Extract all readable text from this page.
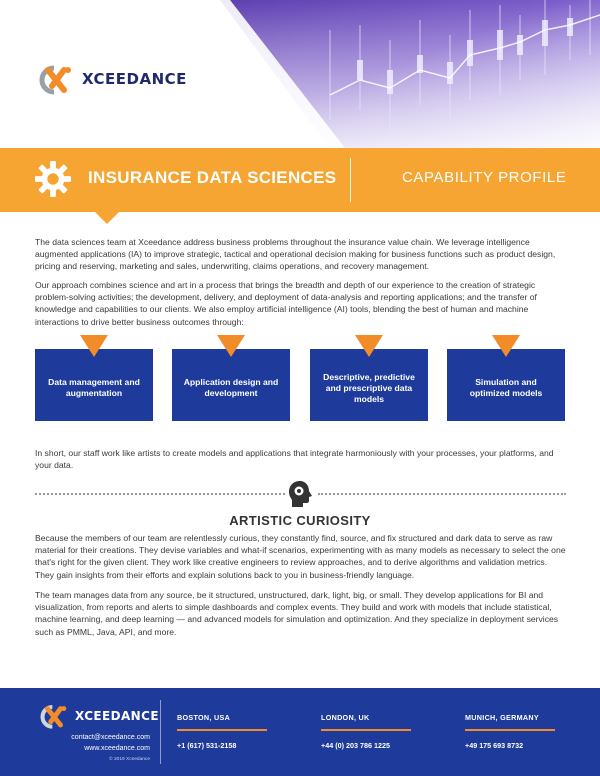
XCEEDANCE
INSURANCE DATA SCIENCES	CAPABILITY PROFILE

The data sciences team at Xceedance address business problems throughout the insurance value chain. We leverage intelligence augmented applications (IA) to improve strategic, tactical and operational decision making for business functions such as product design, pricing and reserving, marketing and sales, underwriting, claims operations, and recovery management.

Our approach combines science and art in a process that brings the breadth and depth of our experience to the creation of strategic problem-solving activities; the development, delivery, and deployment of data-analysis and reporting applications; and the transfer of knowledge and capabilities to our clients. We also employ artificial intelligence (AI) tools, blending the best of human and machine interactions to drive better business outcomes through:

Data management and augmentation
Application design and development
Descriptive, predictive and prescriptive data models
Simulation and optimized models

In short, our staff work like artists to create models and applications that integrate harmoniously with your processes, your platforms, and your data.

ARTISTIC CURIOSITY

Because the members of our team are relentlessly curious, they constantly find, source, and fix structured and dark data to serve as raw material for their creations. They devise variables and what-if scenarios, experimenting with as many models as necessary to select the one that's right for the given client. They work like creative engineers to review approaches, and to derive algorithms and validation metrics. They gain insights from their efforts and explain solutions back to you in business-friendly language.

The team manages data from any source, be it structured, unstructured, dark, light, big, or small. They develop applications for BI and visualization, from reports and alerts to simple dashboards and complex events. They build and work with models that include statistical, machine learning, and deep learning — and advanced models for simulation and optimization. And they specialize in deployment services such as PMML, Java, API, and more.

XCEEDANCE
contact@xceedance.com
www.xceedance.com
© 2019 Xceedance
BOSTON, USA
+1 (617) 531-2158
LONDON, UK
+44 (0) 203 786 1225
MUNICH, GERMANY
+49 175 693 8732
